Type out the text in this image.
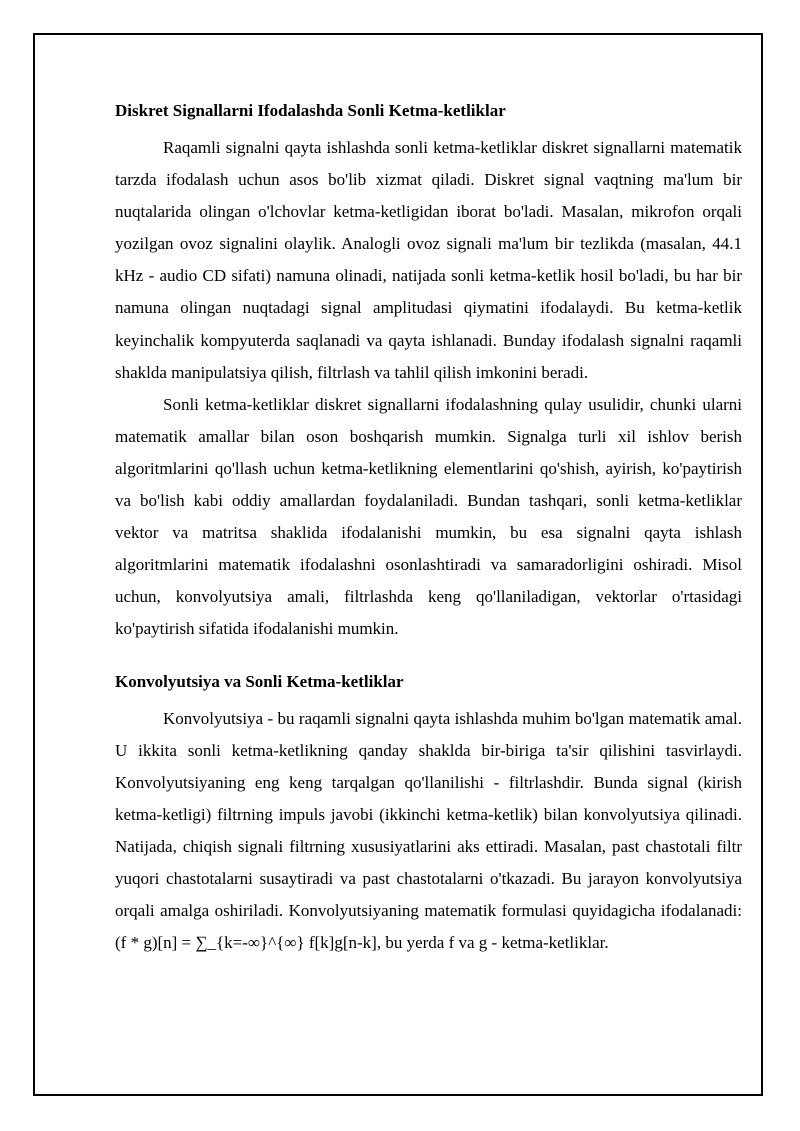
Diskret Signallarni Ifodalashda Sonli Ketma-ketliklar

Raqamli signalni qayta ishlashda sonli ketma-ketliklar diskret signallarni matematik tarzda ifodalash uchun asos bo'lib xizmat qiladi. Diskret signal vaqtning ma'lum bir nuqtalarida olingan o'lchovlar ketma-ketligidan iborat bo'ladi. Masalan, mikrofon orqali yozilgan ovoz signalini olaylik. Analogli ovoz signali ma'lum bir tezlikda (masalan, 44.1 kHz - audio CD sifati) namuna olinadi, natijada sonli ketma-ketlik hosil bo'ladi, bu har bir namuna olingan nuqtadagi signal amplitudasi qiymatini ifodalaydi. Bu ketma-ketlik keyinchalik kompyuterda saqlanadi va qayta ishlanadi. Bunday ifodalash signalni raqamli shaklda manipulatsiya qilish, filtrlash va tahlil qilish imkonini beradi.

Sonli ketma-ketliklar diskret signallarni ifodalashning qulay usulidir, chunki ularni matematik amallar bilan oson boshqarish mumkin. Signalga turli xil ishlov berish algoritmlarini qo'llash uchun ketma-ketlikning elementlarini qo'shish, ayirish, ko'paytirish va bo'lish kabi oddiy amallardan foydalaniladi. Bundan tashqari, sonli ketma-ketliklar vektor va matritsa shaklida ifodalanishi mumkin, bu esa signalni qayta ishlash algoritmlarini matematik ifodalashni osonlashtiradi va samaradorligini oshiradi. Misol uchun, konvolyutsiya amali, filtrlashda keng qo'llaniladigan, vektorlar o'rtasidagi ko'paytirish sifatida ifodalanishi mumkin.

Konvolyutsiya va Sonli Ketma-ketliklar

Konvolyutsiya - bu raqamli signalni qayta ishlashda muhim bo'lgan matematik amal. U ikkita sonli ketma-ketlikning qanday shaklda bir-biriga ta'sir qilishini tasvirlaydi. Konvolyutsiyaning eng keng tarqalgan qo'llanilishi - filtrlashdir. Bunda signal (kirish ketma-ketligi) filtrning impuls javobi (ikkinchi ketma-ketlik) bilan konvolyutsiya qilinadi. Natijada, chiqish signali filtrning xususiyatlarini aks ettiradi. Masalan, past chastotali filtr yuqori chastotalarni susaytiradi va past chastotalarni o'tkazadi. Bu jarayon konvolyutsiya orqali amalga oshiriladi. Konvolyutsiyaning matematik formulasi quyidagicha ifodalanadi: (f * g)[n] = ∑_{k=-∞}^{∞} f[k]g[n-k], bu yerda f va g - ketma-ketliklar.
